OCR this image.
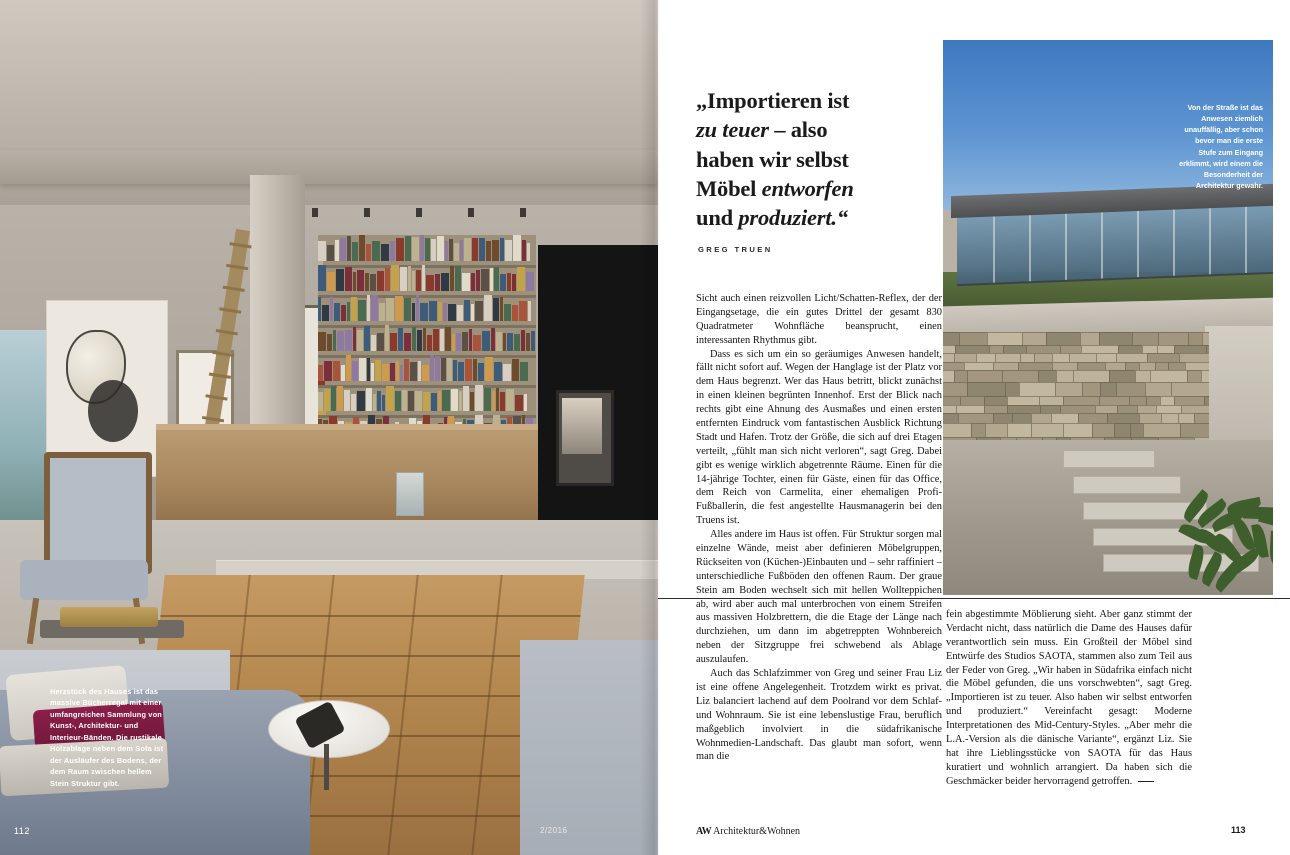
Herzstück des Hauses ist das massive Bücherregal mit einer umfangreichen Sammlung von Kunst-, Architektur- und Interieur-Bänden. Die rustikale Holzablage neben dem Sofa ist der Ausläufer des Bodens, der dem Raum zwischen hellem Stein Struktur gibt.
112	2/2016
„Importieren ist
zu teuer – also
haben wir selbst
Möbel entworfen
und produziert.“
GREG TRUEN

Sicht auch einen reizvollen Licht/Schatten-Reflex, der der Eingangsetage, die ein gutes Drittel der gesamt 830 Quadratmeter Wohnfläche beansprucht, einen interessanten Rhythmus gibt.

Dass es sich um ein so geräumiges Anwesen handelt, fällt nicht sofort auf. Wegen der Hanglage ist der Platz vor dem Haus begrenzt. Wer das Haus betritt, blickt zunächst in einen kleinen begrünten Innenhof. Erst der Blick nach rechts gibt eine Ahnung des Ausmaßes und einen ersten entfernten Eindruck vom fantastischen Ausblick Richtung Stadt und Hafen. Trotz der Größe, die sich auf drei Etagen verteilt, „fühlt man sich nicht verloren“, sagt Greg. Dabei gibt es wenige wirklich abgetrennte Räume. Einen für die 14-jährige Tochter, einen für Gäste, einen für das Office, dem Reich von Carmelita, einer ehemaligen Profi-Fußballerin, die fest angestellte Hausmanagerin bei den Truens ist.

Alles andere im Haus ist offen. Für Struktur sorgen mal einzelne Wände, meist aber definieren Möbelgruppen, Rückseiten von (Küchen-)Einbauten und – sehr raffiniert – unterschiedliche Fußböden den offenen Raum. Der graue Stein am Boden wechselt sich mit hellen Wollteppichen ab, wird aber auch mal unterbrochen von einem Streifen aus massiven Holzbrettern, die die Etage der Länge nach durchziehen, um dann im abgetreppten Wohnbereich neben der Sitzgruppe frei schwebend als Ablage auszulaufen.

Auch das Schlafzimmer von Greg und seiner Frau Liz ist eine offene Angelegenheit. Trotzdem wirkt es privat. Liz balanciert lachend auf dem Poolrand vor dem Schlaf- und Wohnraum. Sie ist eine lebenslustige Frau, beruflich maßgeblich involviert in die südafrikanische Wohnmedien-Landschaft. Das glaubt man sofort, wenn man die

Von der Straße ist das Anwesen ziemlich unauffällig, aber schon bevor man die erste Stufe zum Eingang erklimmt, wird einem die Besonderheit der Architektur gewahr.

fein abgestimmte Möblierung sieht. Aber ganz stimmt der Verdacht nicht, dass natürlich die Dame des Hauses dafür verantwortlich sein muss. Ein Großteil der Möbel sind Entwürfe des Studios SAOTA, stammen also zum Teil aus der Feder von Greg. „Wir haben in Südafrika einfach nicht die Möbel gefunden, die uns vorschwebten“, sagt Greg. „Importieren ist zu teuer. Also haben wir selbst entworfen und produziert.“ Vereinfacht gesagt: Moderne Interpretationen des Mid-Century-Styles. „Aber mehr die L.A.-Version als die dänische Variante“, ergänzt Liz. Sie hat ihre Lieblingsstücke von SAOTA für das Haus kuratiert und wohnlich arrangiert. Da haben sich die Geschmäcker beider hervorragend getroffen.

AW Architektur&Wohnen	113
